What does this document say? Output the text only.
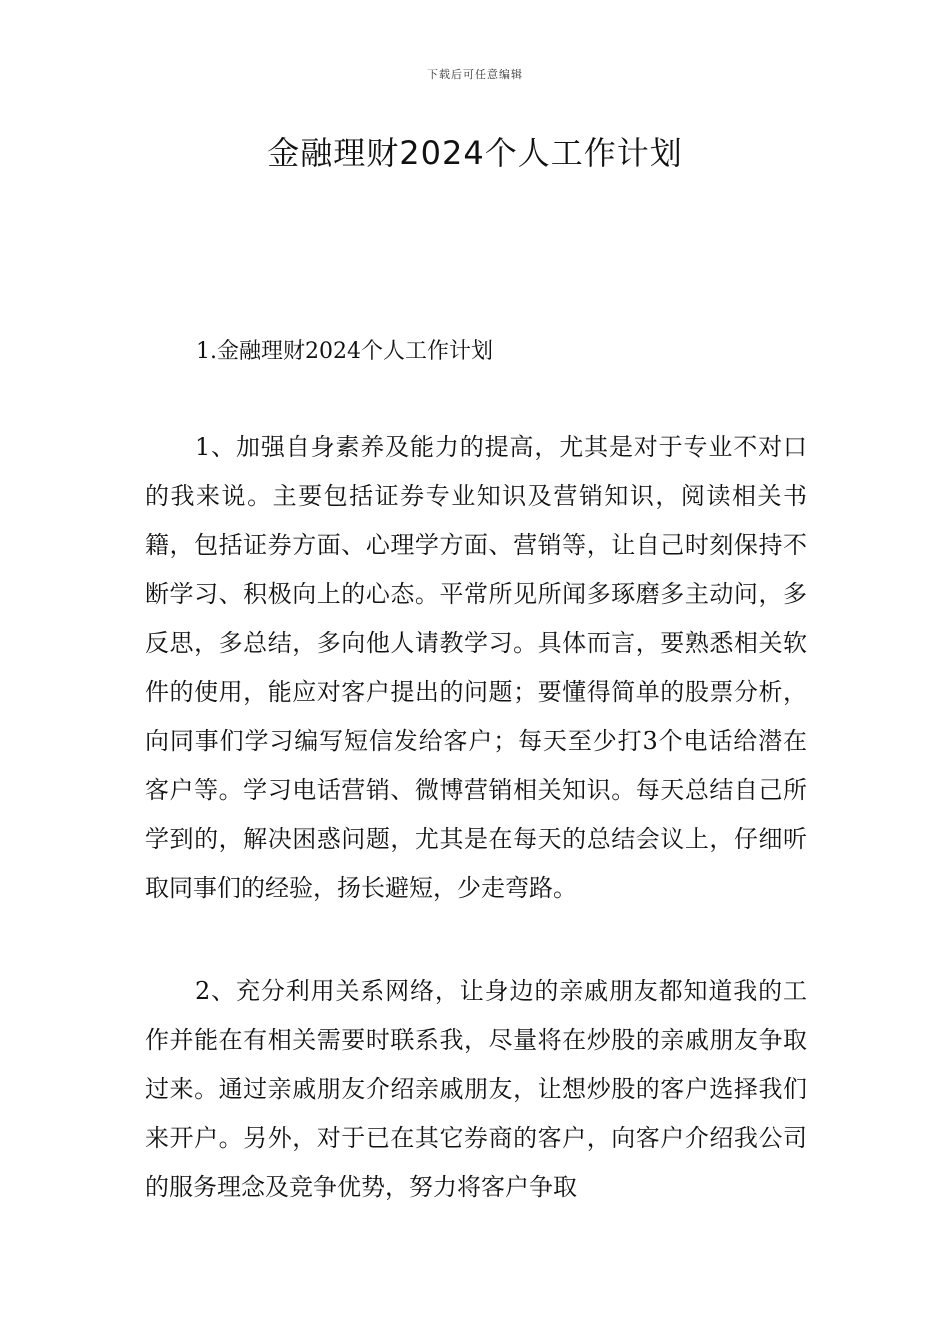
下载后可任意编辑
金融理财2024个人工作计划
1.金融理财2024个人工作计划

1、加强自身素养及能力的提高，尤其是对于专业不对口的我来说。主要包括证券专业知识及营销知识，阅读相关书籍，包括证券方面、心理学方面、营销等，让自己时刻保持不断学习、积极向上的心态。平常所见所闻多琢磨多主动问，多反思，多总结，多向他人请教学习。具体而言，要熟悉相关软件的使用，能应对客户提出的问题；要懂得简单的股票分析，向同事们学习编写短信发给客户；每天至少打3个电话给潜在客户等。学习电话营销、微博营销相关知识。每天总结自己所学到的，解决困惑问题，尤其是在每天的总结会议上，仔细听取同事们的经验，扬长避短，少走弯路。

2、充分利用关系网络，让身边的亲戚朋友都知道我的工作并能在有相关需要时联系我，尽量将在炒股的亲戚朋友争取过来。通过亲戚朋友介绍亲戚朋友，让想炒股的客户选择我们来开户。另外，对于已在其它券商的客户，向客户介绍我公司的服务理念及竞争优势，努力将客户争取
